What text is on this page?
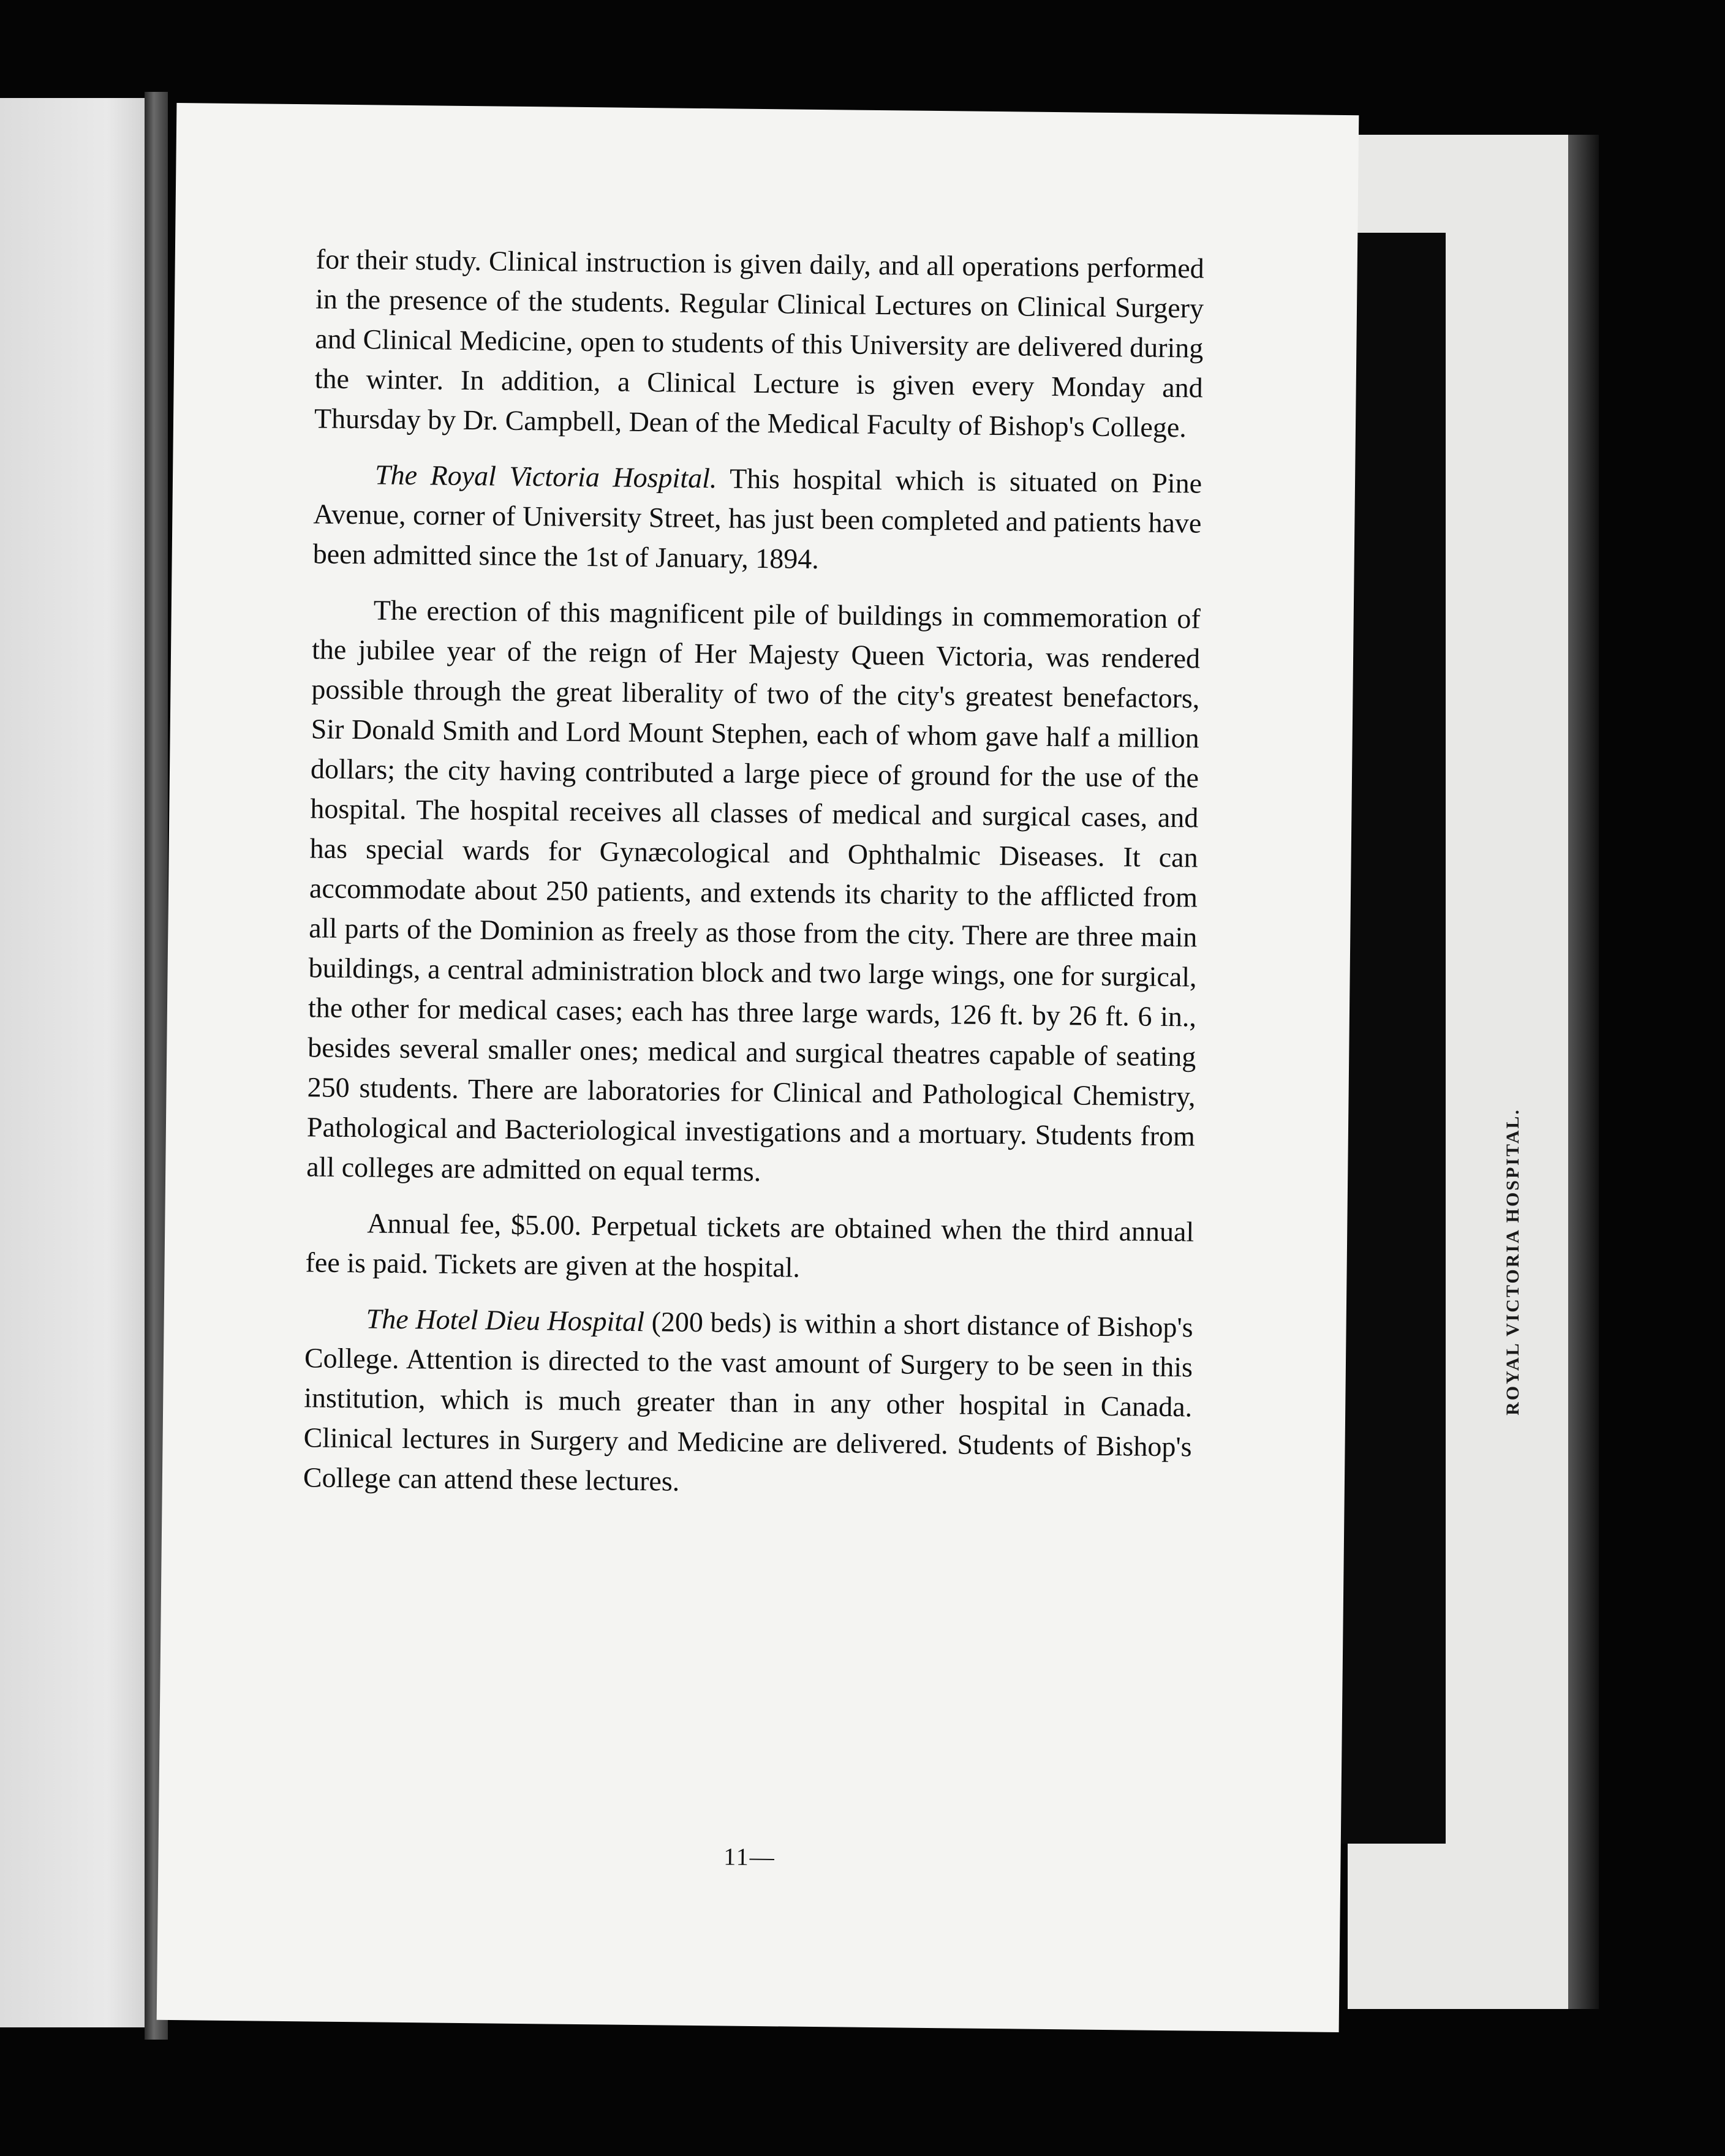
ROYAL VICTORIA HOSPITAL.

for their study. Clinical instruction is given daily, and all operations performed in the presence of the students. Regular Clinical Lectures on Clinical Surgery and Clinical Medicine, open to students of this University are delivered during the winter. In addition, a Clinical Lecture is given every Monday and Thursday by Dr. Campbell, Dean of the Medical Faculty of Bishop's College.

The Royal Victoria Hospital. This hospital which is situated on Pine Avenue, corner of University Street, has just been completed and patients have been admitted since the 1st of January, 1894.

The erection of this magnificent pile of buildings in commemoration of the jubilee year of the reign of Her Majesty Queen Victoria, was rendered possible through the great liberality of two of the city's greatest benefactors, Sir Donald Smith and Lord Mount Stephen, each of whom gave half a million dollars; the city having contributed a large piece of ground for the use of the hospital. The hospital receives all classes of medical and surgical cases, and has special wards for Gynæcological and Ophthalmic Diseases. It can accommodate about 250 patients, and extends its charity to the afflicted from all parts of the Dominion as freely as those from the city. There are three main buildings, a central administration block and two large wings, one for surgical, the other for medical cases; each has three large wards, 126 ft. by 26 ft. 6 in., besides several smaller ones; medical and surgical theatres capable of seating 250 students. There are laboratories for Clinical and Pathological Chemistry, Pathological and Bacteriological investigations and a mortuary. Students from all colleges are admitted on equal terms.

Annual fee, $5.00. Perpetual tickets are obtained when the third annual fee is paid. Tickets are given at the hospital.

The Hotel Dieu Hospital (200 beds) is within a short distance of Bishop's College. Attention is directed to the vast amount of Surgery to be seen in this institution, which is much greater than in any other hospital in Canada. Clinical lectures in Surgery and Medicine are delivered. Students of Bishop's College can attend these lectures.

11—
